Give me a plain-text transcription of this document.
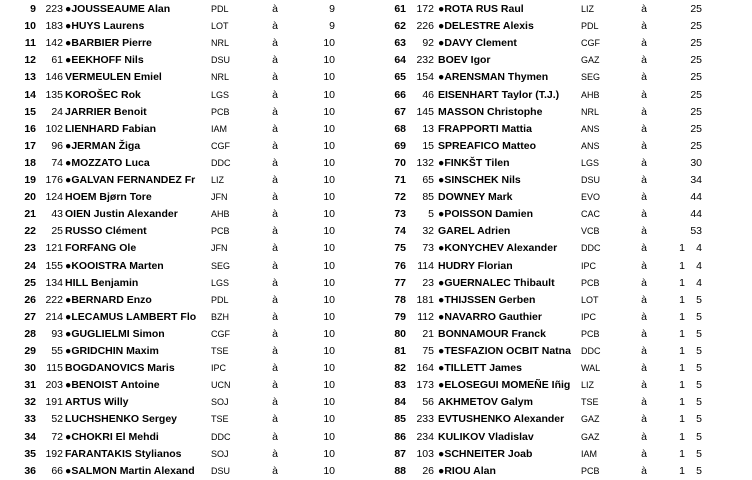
9 223 ●JOUSSEAUME Alan	PDL	à	9
10 183 ●HUYS Laurens	LOT	à	9
11 142 ●BARBIER Pierre	NRL	à	10
12	61 ●EEKHOFF Nils	DSU	à	10
13 146 VERMEULEN Emiel	NRL	à	10
14 135 KOROŠEC Rok	LGS	à	10
15	24 JARRIER Benoit	PCB	à	10
16 102 LIENHARD Fabian	IAM	à	10
17	96 ●JERMAN Žiga	CGF	à	10
18	74 ●MOZZATO Luca	DDC	à	10
19 176 ●GALVAN FERNANDEZ Fr	LIZ	à	10
20 124 HOEM Bjørn Tore	JFN	à	10
21	43 OIEN Justin Alexander	AHB	à	10
22	25 RUSSO Clément	PCB	à	10
23 121 FORFANG Ole	JFN	à	10
24 155 ●KOOISTRA Marten	SEG	à	10
25 134 HILL Benjamin	LGS	à	10
26 222 ●BERNARD Enzo	PDL	à	10
27 214 ●LECAMUS LAMBERT Flo	BZH	à	10
28	93 ●GUGLIELMI Simon	CGF	à	10
29	55 ●GRIDCHIN Maxim	TSE	à	10
30 115 BOGDANOVICS Maris	IPC	à	10
31 203 ●BENOIST Antoine	UCN	à	10
32 191 ARTUS Willy	SOJ	à	10
33	52 LUCHSHENKO Sergey	TSE	à	10
34	72 ●CHOKRI El Mehdi	DDC	à	10
35 192 FARANTAKIS Stylianos	SOJ	à	10
36	66 ●SALMON Martin Alexand	DSU	à	10
61 172 ●ROTA RUS Raul	LIZ	à	25
62 226 ●DELESTRE Alexis	PDL	à	25
63	92 ●DAVY Clement	CGF	à	25
64 232 BOEV Igor	GAZ	à	25
65 154 ●ARENSMAN Thymen	SEG	à	25
66	46 EISENHART Taylor (T.J.)	AHB	à	25
67 145 MASSON Christophe	NRL	à	25
68	13 FRAPPORTI Mattia	ANS	à	25
69	15 SPREAFICO Matteo	ANS	à	25
70 132 ●FINKŠT Tilen	LGS	à	30
71	65 ●SINSCHEK Nils	DSU	à	34
72	85 DOWNEY Mark	EVO	à	44
73	5 ●POISSON Damien	CAC	à	44
74	32 GAREL Adrien	VCB	à	53
75	73 ●KONYCHEV Alexander	DDC	à	1	4
76	114 HUDRY Florian	IPC	à	1	4
77	23 ●GUERNALEC Thibault	PCB	à	1	4
78 181 ●THIJSSEN Gerben	LOT	à	1	5
79	112 ●NAVARRO Gauthier	IPC	à	1	5
80	21 BONNAMOUR Franck	PCB	à	1	5
81	75 ●TESFAZION OCBIT Natna	DDC	à	1	5
82 164 ●TILLETT James	WAL	à	1	5
83 173 ●ELOSEGUI MOMEÑE Iñig	LIZ	à	1	5
84	56 AKHMETOV Galym	TSE	à	1	5
85 233 EVTUSHENKO Alexander	GAZ	à	1	5
86 234 KULIKOV Vladislav	GAZ	à	1	5
87 103 ●SCHNEITER Joab	IAM	à	1	5
88	26 ●RIOU Alan	PCB	à	1	5
